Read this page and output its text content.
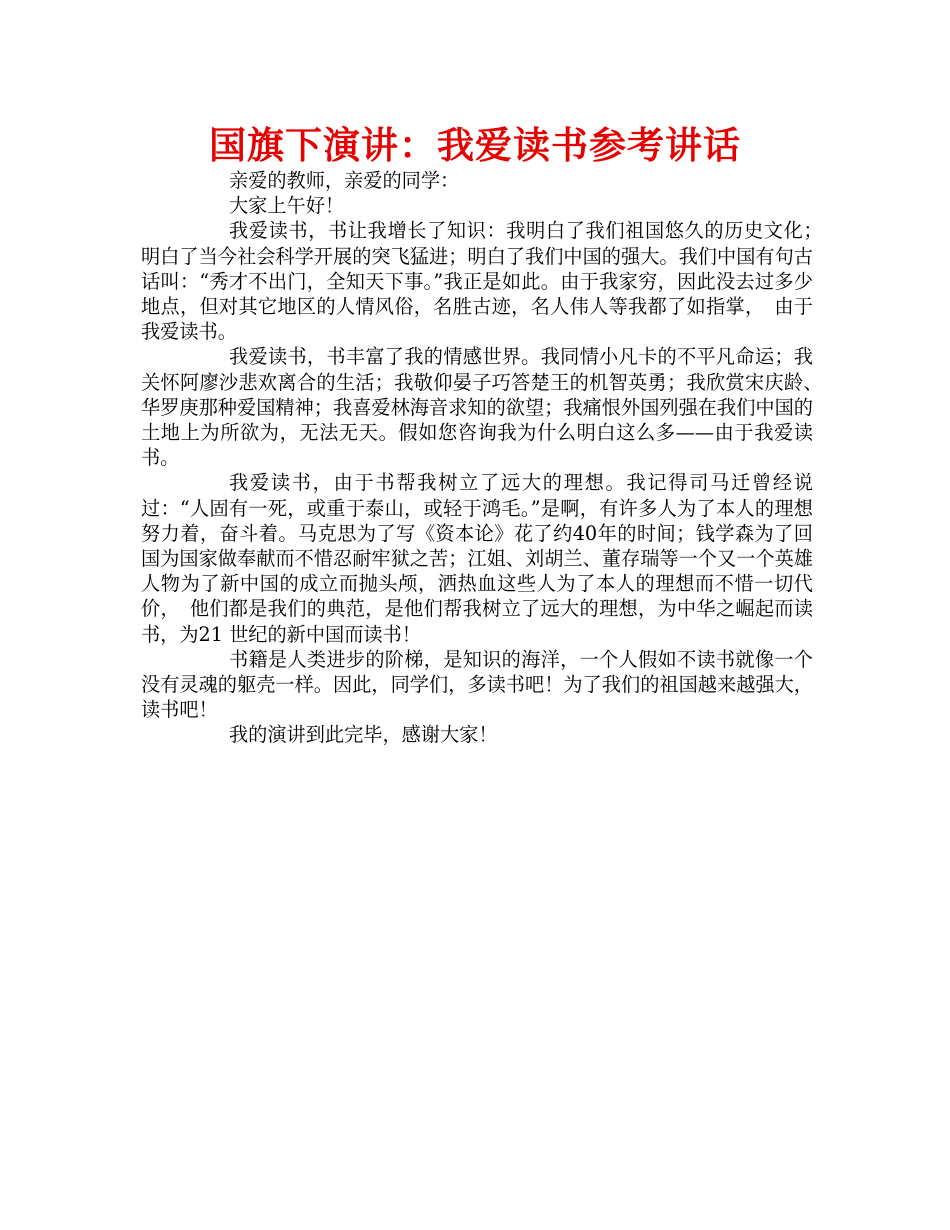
国旗下演讲：我爱读书参考讲话

亲爱的教师，亲爱的同学：

大家上午好！

我爱读书，书让我增长了知识：我明白了我们祖国悠久的历史文化；　明白了当今社会科学开展的突飞猛进；明白了我们中国的强大。我们中国有句古话叫：“秀才不出门，全知天下事。”我正是如此。由于我家穷，因此没去过多少地点，但对其它地区的人情风俗，名胜古迹，名人伟人等我都了如指掌，　由于我爱读书。

我爱读书，书丰富了我的情感世界。我同情小凡卡的不平凡命运；我关怀阿廖沙悲欢离合的生活；我敬仰晏子巧答楚王的机智英勇；我欣赏宋庆龄、　华罗庚那种爱国精神；我喜爱林海音求知的欲望；我痛恨外国列强在我们中国的土地上为所欲为，无法无天。假如您咨询我为什么明白这么多——由于我爱读书。

我爱读书，由于书帮我树立了远大的理想。我记得司马迁曾经说过：“人固有一死，或重于泰山，或轻于鸿毛。”是啊，有许多人为了本人的理想努力着，奋斗着。马克思为了写《资本论》花了约40年的时间；钱学森为了回国为国家做奉献而不惜忍耐牢狱之苦；江姐、刘胡兰、董存瑞等一个又一个英雄人物为了新中国的成立而抛头颅，洒热血这些人为了本人的理想而不惜一切代价，　他们都是我们的典范，是他们帮我树立了远大的理想，为中华之崛起而读书，为21 世纪的新中国而读书！

书籍是人类进步的阶梯，是知识的海洋，一个人假如不读书就像一个没有灵魂的躯壳一样。因此，同学们，多读书吧！为了我们的祖国越来越强大，读书吧！

我的演讲到此完毕，感谢大家！
